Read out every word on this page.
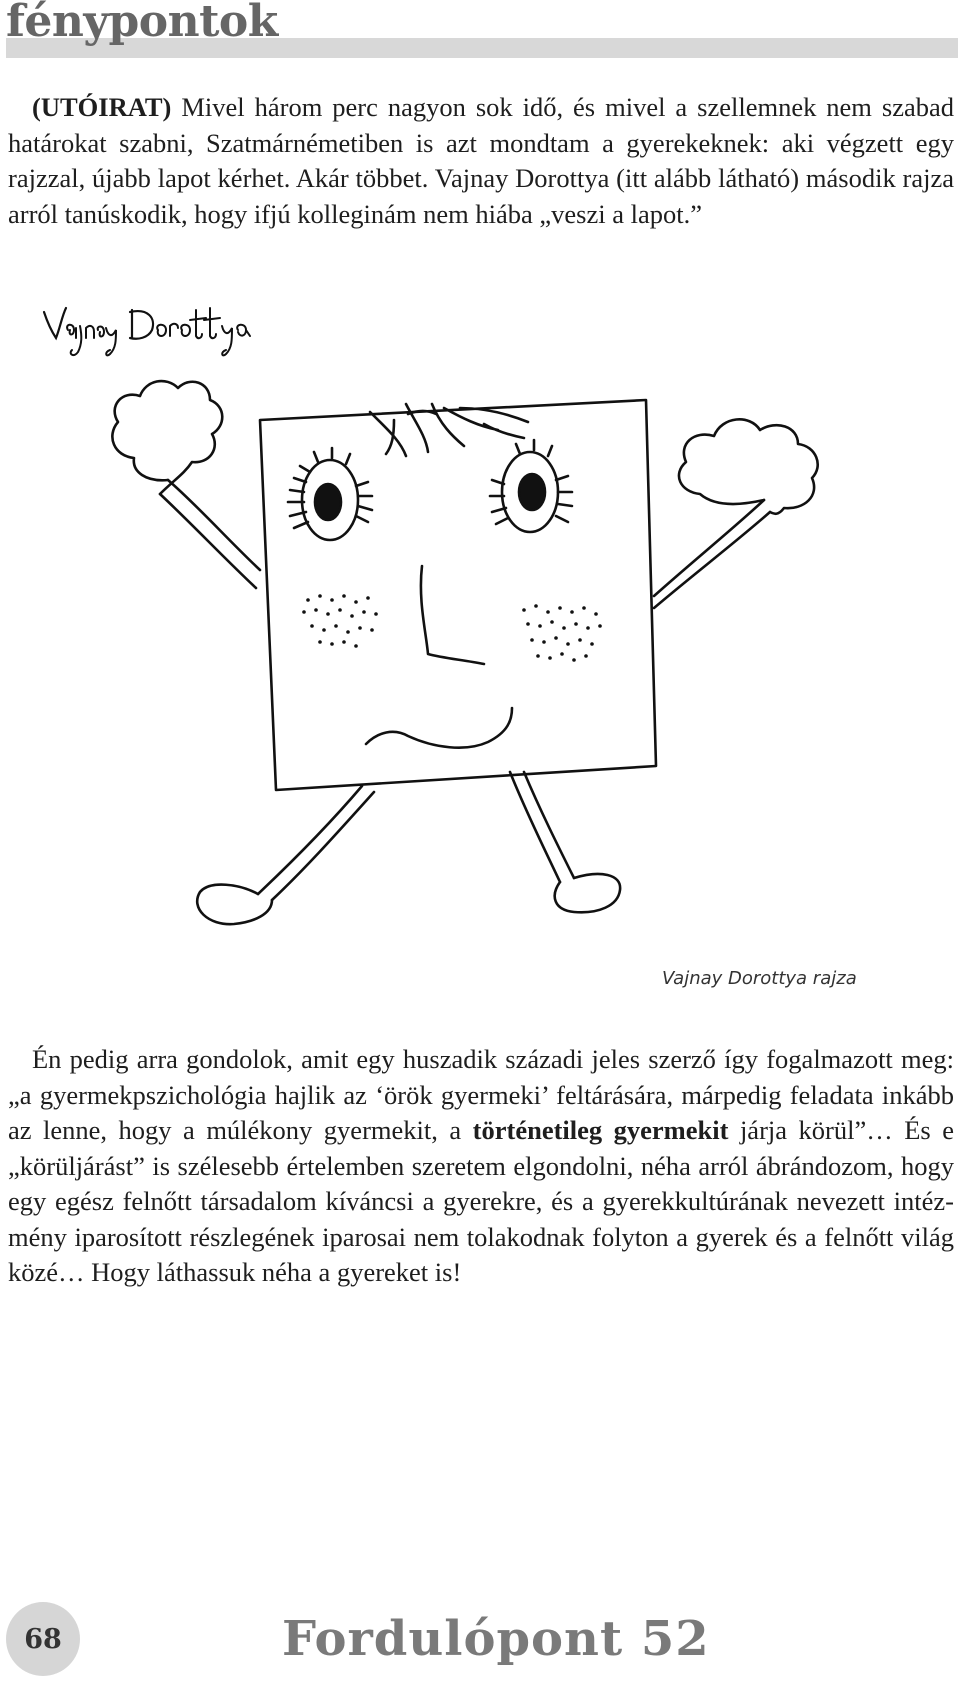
fénypontok

(UTÓIRAT) Mivel három perc nagyon sok idő, és mivel a szellemnek nem szabad határokat szabni, Szatmárnémetiben is azt mondtam a gyerekeknek: aki végzett egy rajzzal, újabb lapot kérhet. Akár többet. Vajnay Dorottya (itt alább látható) második rajza arról tanúskodik, hogy ifjú kolleginám nem hiába „veszi a lapot.”

Vajnay Dorottya rajza

Én pedig arra gondolok, amit egy huszadik századi jeles szerző így fogalmazott meg: „a gyermekpszichológia hajlik az ‘örök gyermeki’ feltárására, márpedig feladata inkább az lenne, hogy a múlékony gyermekit, a történetileg gyermekit járja körül”… És e „körüljárást” is szélesebb értelemben szeretem elgondolni, néha arról ábrándozom, hogy egy egész felnőtt társadalom kíváncsi a gyerekre, és a gyerekkultúrának nevezett intézmény iparosított részlegének iparosai nem tolakodnak folyton a gyerek és a felnőtt világ közé… Hogy láthassuk néha a gyereket is!

68	Fordulópont 52
